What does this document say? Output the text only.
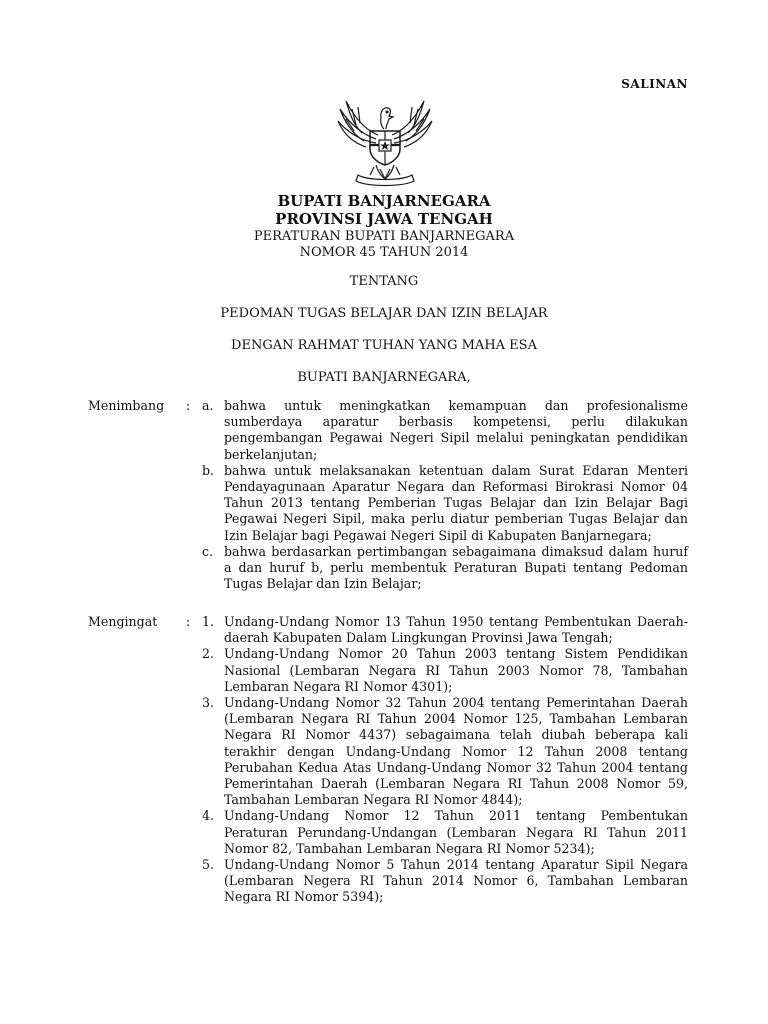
SALINAN
BUPATI BANJARNEGARA
PROVINSI JAWA TENGAH
PERATURAN BUPATI BANJARNEGARA
NOMOR 45 TAHUN 2014
TENTANG
PEDOMAN TUGAS BELAJAR DAN IZIN BELAJAR
DENGAN RAHMAT TUHAN YANG MAHA ESA
BUPATI BANJARNEGARA,
Menimbang	: a. bahwa untuk meningkatkan kemampuan dan profesionalisme sumberdaya aparatur berbasis kompetensi, perlu dilakukan pengembangan Pegawai Negeri Sipil melalui peningkatan pendidikan berkelanjutan;
b. bahwa untuk melaksanakan ketentuan dalam Surat Edaran Menteri Pendayagunaan Aparatur Negara dan Reformasi Birokrasi Nomor 04 Tahun 2013 tentang Pemberian Tugas Belajar dan Izin Belajar Bagi Pegawai Negeri Sipil, maka perlu diatur pemberian Tugas Belajar dan Izin Belajar bagi Pegawai Negeri Sipil di Kabupaten Banjarnegara;
c. bahwa berdasarkan pertimbangan sebagaimana dimaksud dalam huruf a dan huruf b, perlu membentuk Peraturan Bupati tentang Pedoman Tugas Belajar dan Izin Belajar;
Mengingat	: 1. Undang-Undang Nomor 13 Tahun 1950 tentang Pembentukan Daerah-daerah Kabupaten Dalam Lingkungan Provinsi Jawa Tengah;
2. Undang-Undang Nomor 20 Tahun 2003 tentang Sistem Pendidikan Nasional (Lembaran Negara RI Tahun 2003 Nomor 78, Tambahan Lembaran Negara RI Nomor 4301);
3. Undang-Undang Nomor 32 Tahun 2004 tentang Pemerintahan Daerah (Lembaran Negara RI Tahun 2004 Nomor 125, Tambahan Lembaran Negara RI Nomor 4437) sebagaimana telah diubah beberapa kali terakhir dengan Undang-Undang Nomor 12 Tahun 2008 tentang Perubahan Kedua Atas Undang-Undang Nomor 32 Tahun 2004 tentang Pemerintahan Daerah (Lembaran Negara RI Tahun 2008 Nomor 59, Tambahan Lembaran Negara RI Nomor 4844);
4. Undang-Undang Nomor 12 Tahun 2011 tentang Pembentukan Peraturan Perundang-Undangan (Lembaran Negara RI Tahun 2011 Nomor 82, Tambahan Lembaran Negara RI Nomor 5234);
5. Undang-Undang Nomor 5 Tahun 2014 tentang Aparatur Sipil Negara (Lembaran Negera RI Tahun 2014 Nomor 6, Tambahan Lembaran Negara RI Nomor 5394);
